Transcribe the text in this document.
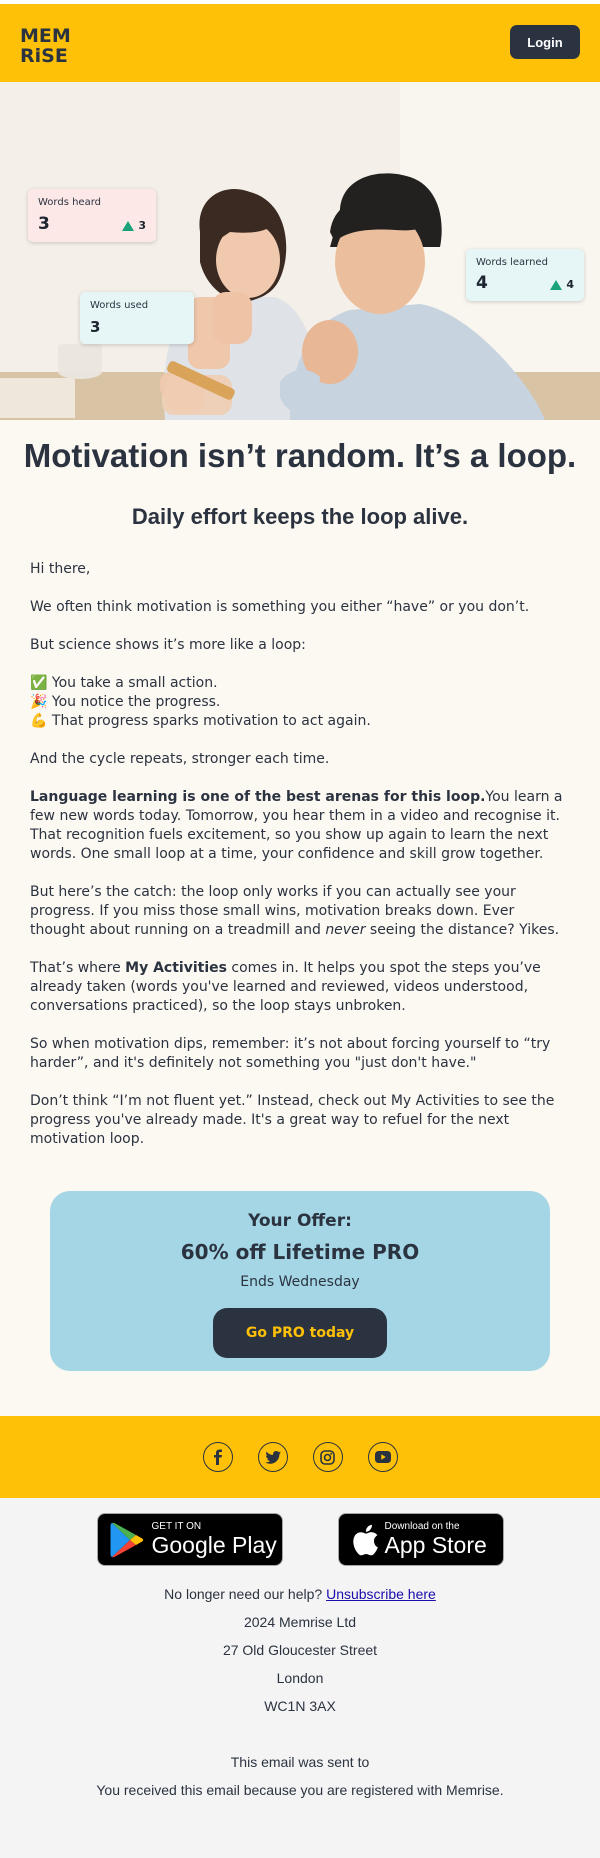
MEM
RiSE
Login
Words heard
3	3
Words used
3
Words learned
4	4
Motivation isn’t random. It’s a loop.
Daily effort keeps the loop alive.

Hi there,

We often think motivation is something you either “have” or you don’t.

But science shows it’s more like a loop:

✅ You take a small action.
🎉 You notice the progress.
💪 That progress sparks motivation to act again.

And the cycle repeats, stronger each time.

Language learning is one of the best arenas for this loop.You learn a few new words today. Tomorrow, you hear them in a video and recognise it. That recognition fuels excitement, so you show up again to learn the next words. One small loop at a time, your confidence and skill grow together.

But here’s the catch: the loop only works if you can actually see your progress. If you miss those small wins, motivation breaks down. Ever thought about running on a treadmill and never seeing the distance? Yikes.

That’s where My Activities comes in. It helps you spot the steps you’ve already taken (words you've learned and reviewed, videos understood, conversations practiced), so the loop stays unbroken.

So when motivation dips, remember: it’s not about forcing yourself to “try harder”, and it's definitely not something you "just don't have."

Don’t think “I’m not fluent yet.” Instead, check out My Activities to see the progress you've already made. It's a great way to refuel for the next motivation loop.

Your Offer:
60% off Lifetime PRO
Ends Wednesday
Go PRO today
GET IT ON
Google Play
Download on the
App Store
No longer need our help? Unsubscribe here
2024 Memrise Ltd
27 Old Gloucester Street
London
WC1N 3AX
This email was sent to
You received this email because you are registered with Memrise.
